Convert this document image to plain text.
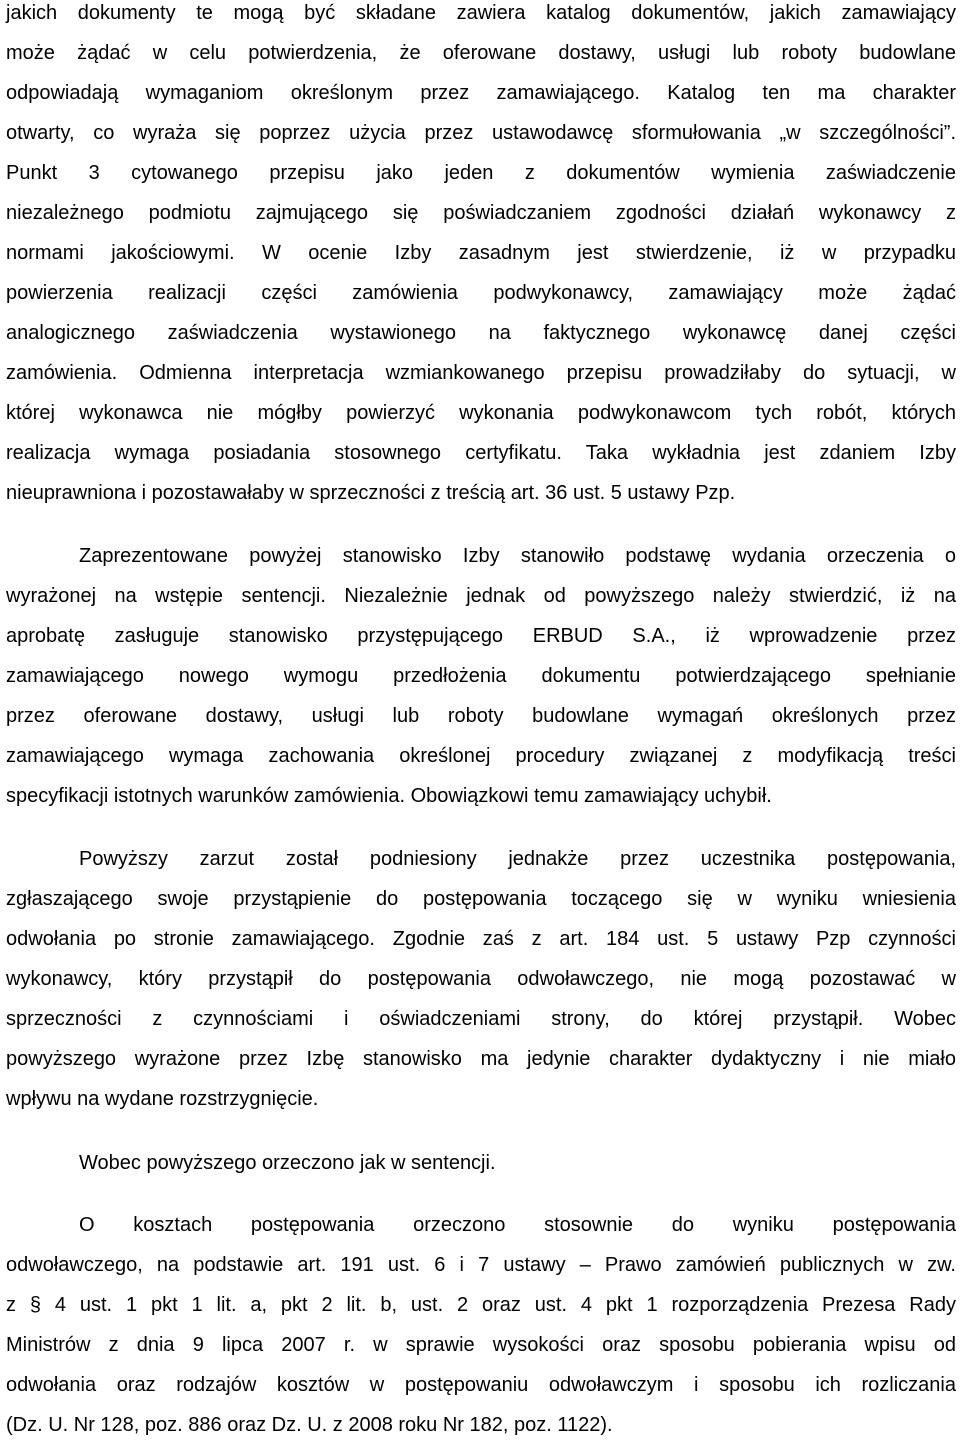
jakich dokumenty te mogą być składane zawiera katalog dokumentów, jakich zamawiający
może żądać w celu potwierdzenia, że oferowane dostawy, usługi lub roboty budowlane
odpowiadają wymaganiom określonym przez zamawiającego. Katalog ten ma charakter
otwarty, co wyraża się poprzez użycia przez ustawodawcę sformułowania „w szczególności”.
Punkt 3 cytowanego przepisu jako jeden z dokumentów wymienia zaświadczenie
niezależnego podmiotu zajmującego się poświadczaniem zgodności działań wykonawcy z
normami jakościowymi. W ocenie Izby zasadnym jest stwierdzenie, iż w przypadku
powierzenia realizacji części zamówienia podwykonawcy, zamawiający może żądać
analogicznego zaświadczenia wystawionego na faktycznego wykonawcę danej części
zamówienia. Odmienna interpretacja wzmiankowanego przepisu prowadziłaby do sytuacji, w
której wykonawca nie mógłby powierzyć wykonania podwykonawcom tych robót, których
realizacja wymaga posiadania stosownego certyfikatu. Taka wykładnia jest zdaniem Izby
nieuprawniona i pozostawałaby w sprzeczności z treścią art. 36 ust. 5 ustawy Pzp.
Zaprezentowane powyżej stanowisko Izby stanowiło podstawę wydania orzeczenia o
wyrażonej na wstępie sentencji. Niezależnie jednak od powyższego należy stwierdzić, iż na
aprobatę zasługuje stanowisko przystępującego ERBUD S.A., iż wprowadzenie przez
zamawiającego nowego wymogu przedłożenia dokumentu potwierdzającego spełnianie
przez oferowane dostawy, usługi lub roboty budowlane wymagań określonych przez
zamawiającego wymaga zachowania określonej procedury związanej z modyfikacją treści
specyfikacji istotnych warunków zamówienia. Obowiązkowi temu zamawiający uchybił.
Powyższy zarzut został podniesiony jednakże przez uczestnika postępowania,
zgłaszającego swoje przystąpienie do postępowania toczącego się w wyniku wniesienia
odwołania po stronie zamawiającego. Zgodnie zaś z art. 184 ust. 5 ustawy Pzp czynności
wykonawcy, który przystąpił do postępowania odwoławczego, nie mogą pozostawać w
sprzeczności z czynnościami i oświadczeniami strony, do której przystąpił. Wobec
powyższego wyrażone przez Izbę stanowisko ma jedynie charakter dydaktyczny i nie miało
wpływu na wydane rozstrzygnięcie.
Wobec powyższego orzeczono jak w sentencji.
O kosztach postępowania orzeczono stosownie do wyniku postępowania
odwoławczego, na podstawie art. 191 ust. 6 i 7 ustawy – Prawo zamówień publicznych w zw.
z § 4 ust. 1 pkt 1 lit. a, pkt 2 lit. b, ust. 2 oraz ust. 4 pkt 1 rozporządzenia Prezesa Rady
Ministrów z dnia 9 lipca 2007 r. w sprawie wysokości oraz sposobu pobierania wpisu od
odwołania oraz rodzajów kosztów w postępowaniu odwoławczym i sposobu ich rozliczania
(Dz. U. Nr 128, poz. 886 oraz Dz. U. z 2008 roku Nr 182, poz. 1122).
